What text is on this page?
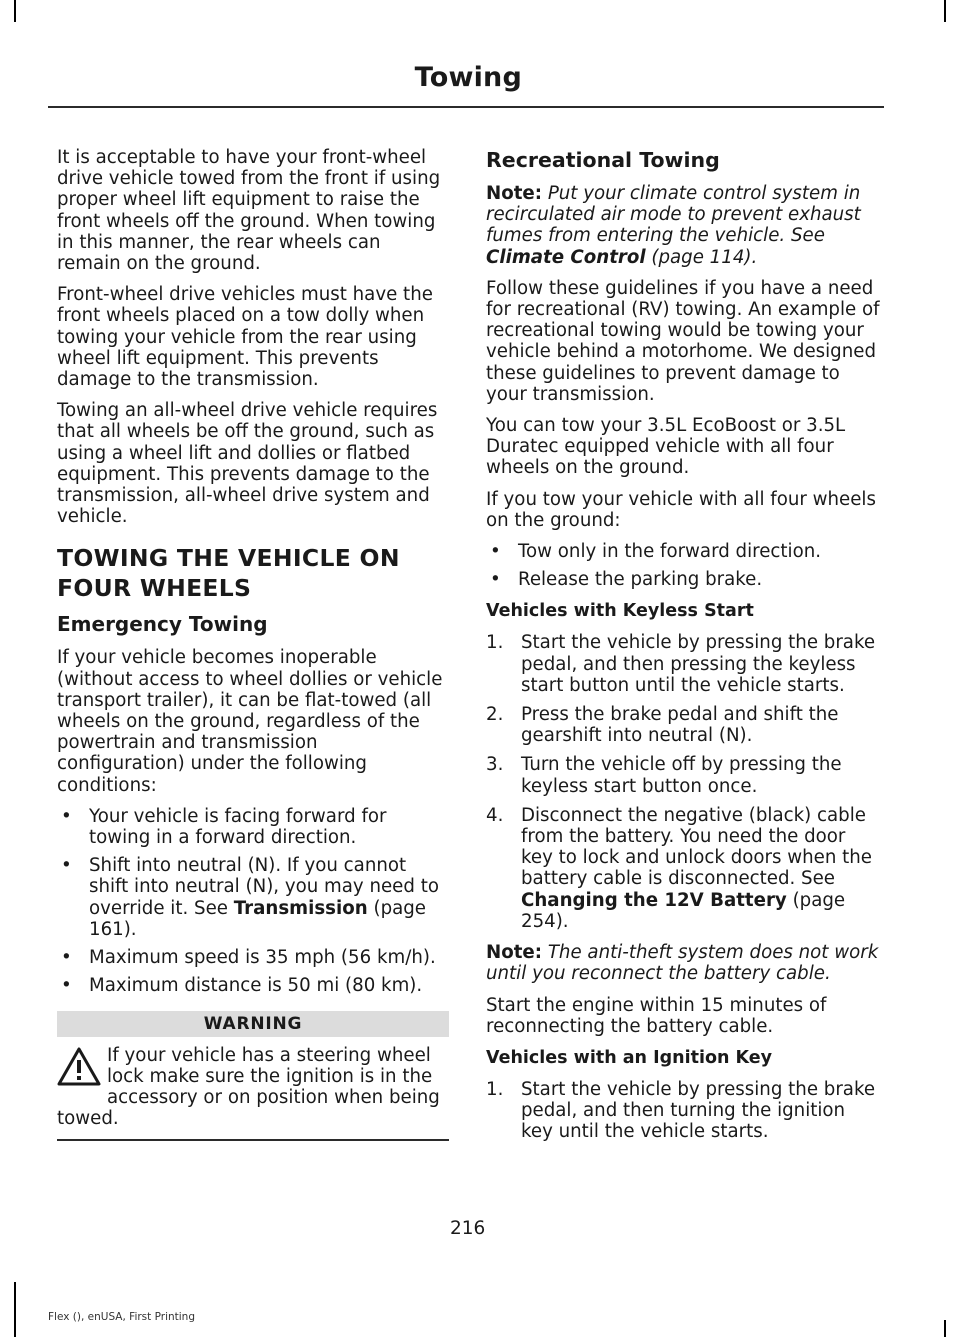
Towing

It is acceptable to have your front-wheel drive vehicle towed from the front if using proper wheel lift equipment to raise the front wheels off the ground. When towing in this manner, the rear wheels can remain on the ground.

Front-wheel drive vehicles must have the front wheels placed on a tow dolly when towing your vehicle from the rear using wheel lift equipment. This prevents damage to the transmission.

Towing an all-wheel drive vehicle requires that all wheels be off the ground, such as using a wheel lift and dollies or flatbed equipment. This prevents damage to the transmission, all-wheel drive system and vehicle.

TOWING THE VEHICLE ON
FOUR WHEELS
Emergency Towing

If your vehicle becomes inoperable (without access to wheel dollies or vehicle transport trailer), it can be flat-towed (all wheels on the ground, regardless of the powertrain and transmission configuration) under the following conditions:

• Your vehicle is facing forward for towing in a forward direction.
• Shift into neutral (N). If you cannot shift into neutral (N), you may need to override it. See Transmission (page 161).
• Maximum speed is 35 mph (56 km/h).
• Maximum distance is 50 mi (80 km).
WARNING
If your vehicle has a steering wheel lock make sure the ignition is in the accessory or on position when being towed.
Recreational Towing

Note: Put your climate control system in recirculated air mode to prevent exhaust fumes from entering the vehicle. See Climate Control (page 114).

Follow these guidelines if you have a need for recreational (RV) towing. An example of recreational towing would be towing your vehicle behind a motorhome. We designed these guidelines to prevent damage to your transmission.

You can tow your 3.5L EcoBoost or 3.5L Duratec equipped vehicle with all four wheels on the ground.

If you tow your vehicle with all four wheels on the ground:

• Tow only in the forward direction.
• Release the parking brake.
Vehicles with Keyless Start
1. Start the vehicle by pressing the brake pedal, and then pressing the keyless start button until the vehicle starts.
2. Press the brake pedal and shift the gearshift into neutral (N).
3. Turn the vehicle off by pressing the keyless start button once.
4. Disconnect the negative (black) cable from the battery. You need the door key to lock and unlock doors when the battery cable is disconnected. See Changing the 12V Battery (page 254).

Note: The anti-theft system does not work until you reconnect the battery cable.

Start the engine within 15 minutes of reconnecting the battery cable.

Vehicles with an Ignition Key
1. Start the vehicle by pressing the brake pedal, and then turning the ignition key until the vehicle starts.
216
Flex (), enUSA, First Printing
